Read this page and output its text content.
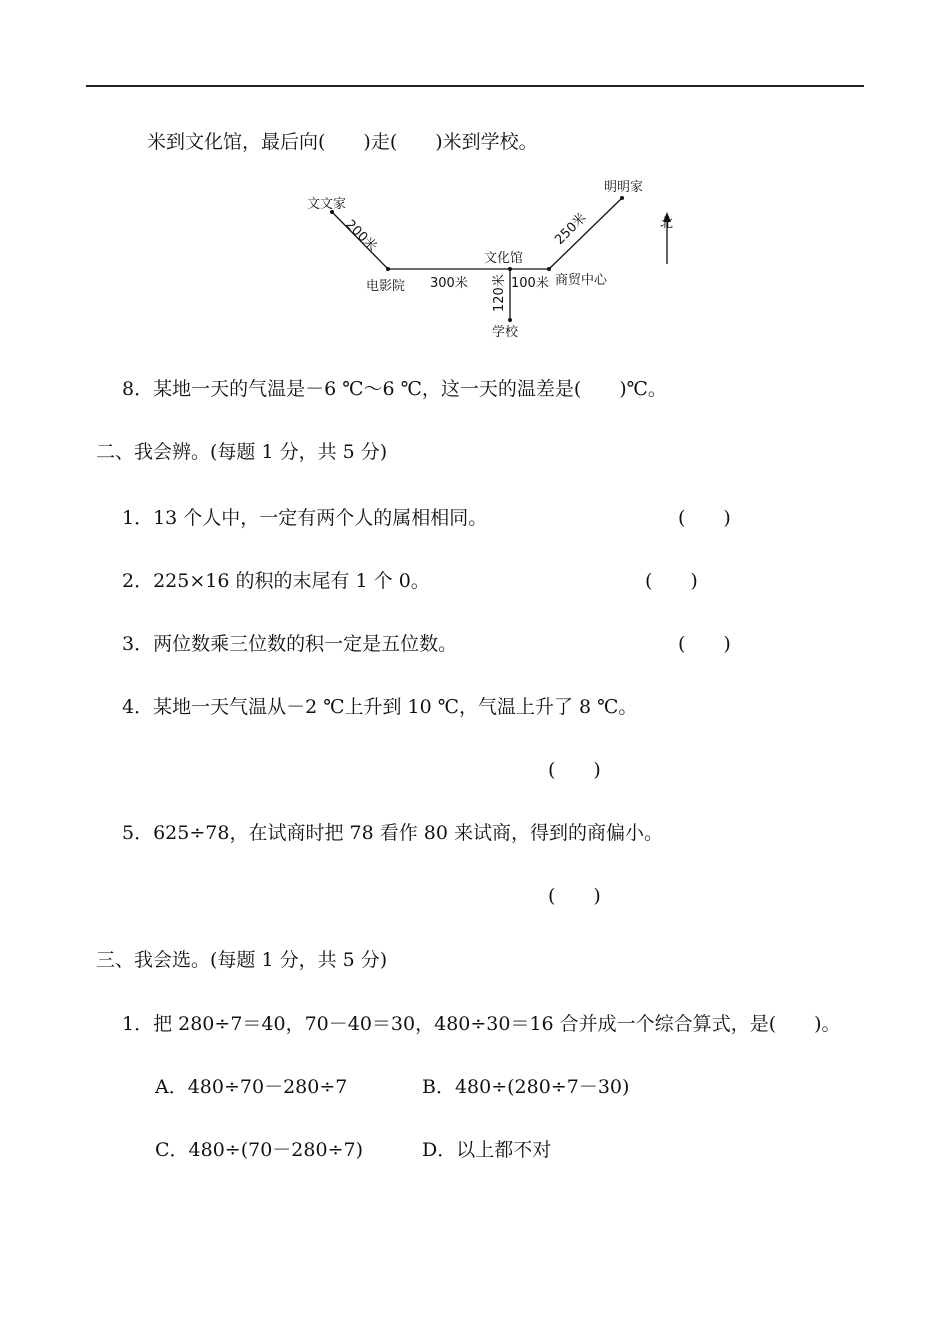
米到文化馆，最后向(　　)走(　　)米到学校。
文文家
电影院
文化馆
商贸中心
明明家
学校
300米	100米
200米	250米
120米
北
8．某地一天的气温是－6 ℃～6 ℃，这一天的温差是(　　)℃。
二、我会辨。(每题 1 分，共 5 分)
1．13 个人中，一定有两个人的属相相同。	(　　)
2．225×16 的积的末尾有 1 个 0。	(　　)
3．两位数乘三位数的积一定是五位数。	(　　)
4．某地一天气温从－2 ℃上升到 10 ℃，气温上升了 8 ℃。
(　　)
5．625÷78，在试商时把 78 看作 80 来试商，得到的商偏小。
(　　)
三、我会选。(每题 1 分，共 5 分)
1．把 280÷7＝40，70－40＝30，480÷30＝16 合并成一个综合算式，是(　　)。
A．480÷70－280÷7	B．480÷(280÷7－30)
C．480÷(70－280÷7)	D．以上都不对
